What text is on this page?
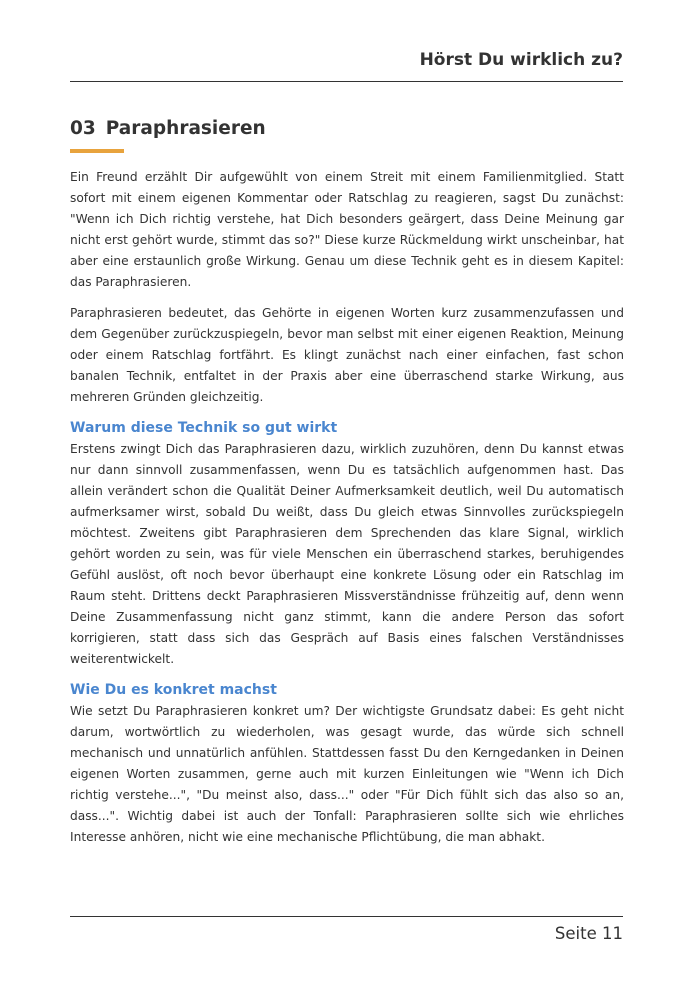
Hörst Du wirklich zu?
03 Paraphrasieren

Ein Freund erzählt Dir aufgewühlt von einem Streit mit einem Familienmitglied. Statt sofort mit einem eigenen Kommentar oder Ratschlag zu reagieren, sagst Du zunächst: "Wenn ich Dich richtig verstehe, hat Dich besonders geärgert, dass Deine Meinung gar nicht erst gehört wurde, stimmt das so?" Diese kurze Rückmeldung wirkt unscheinbar, hat aber eine erstaunlich große Wirkung. Genau um diese Technik geht es in diesem Kapitel: das Paraphrasieren.

Paraphrasieren bedeutet, das Gehörte in eigenen Worten kurz zusammenzufassen und dem Gegenüber zurückzuspiegeln, bevor man selbst mit einer eigenen Reaktion, Meinung oder einem Ratschlag fortfährt. Es klingt zunächst nach einer einfachen, fast schon banalen Technik, entfaltet in der Praxis aber eine überraschend starke Wirkung, aus mehreren Gründen gleichzeitig.

Warum diese Technik so gut wirkt

Erstens zwingt Dich das Paraphrasieren dazu, wirklich zuzuhören, denn Du kannst etwas nur dann sinnvoll zusammenfassen, wenn Du es tatsächlich aufgenommen hast. Das allein verändert schon die Qualität Deiner Aufmerksamkeit deutlich, weil Du automatisch aufmerksamer wirst, sobald Du weißt, dass Du gleich etwas Sinnvolles zurückspiegeln möchtest. Zweitens gibt Paraphrasieren dem Sprechenden das klare Signal, wirklich gehört worden zu sein, was für viele Menschen ein überraschend starkes, beruhigendes Gefühl auslöst, oft noch bevor überhaupt eine konkrete Lösung oder ein Ratschlag im Raum steht. Drittens deckt Paraphrasieren Missverständnisse frühzeitig auf, denn wenn Deine Zusammenfassung nicht ganz stimmt, kann die andere Person das sofort korrigieren, statt dass sich das Gespräch auf Basis eines falschen Verständnisses weiterentwickelt.

Wie Du es konkret machst

Wie setzt Du Paraphrasieren konkret um? Der wichtigste Grundsatz dabei: Es geht nicht darum, wortwörtlich zu wiederholen, was gesagt wurde, das würde sich schnell mechanisch und unnatürlich anfühlen. Stattdessen fasst Du den Kerngedanken in Deinen eigenen Worten zusammen, gerne auch mit kurzen Einleitungen wie "Wenn ich Dich richtig verstehe...", "Du meinst also, dass..." oder "Für Dich fühlt sich das also so an, dass...". Wichtig dabei ist auch der Tonfall: Paraphrasieren sollte sich wie ehrliches Interesse anhören, nicht wie eine mechanische Pflichtübung, die man abhakt.

Seite 11
